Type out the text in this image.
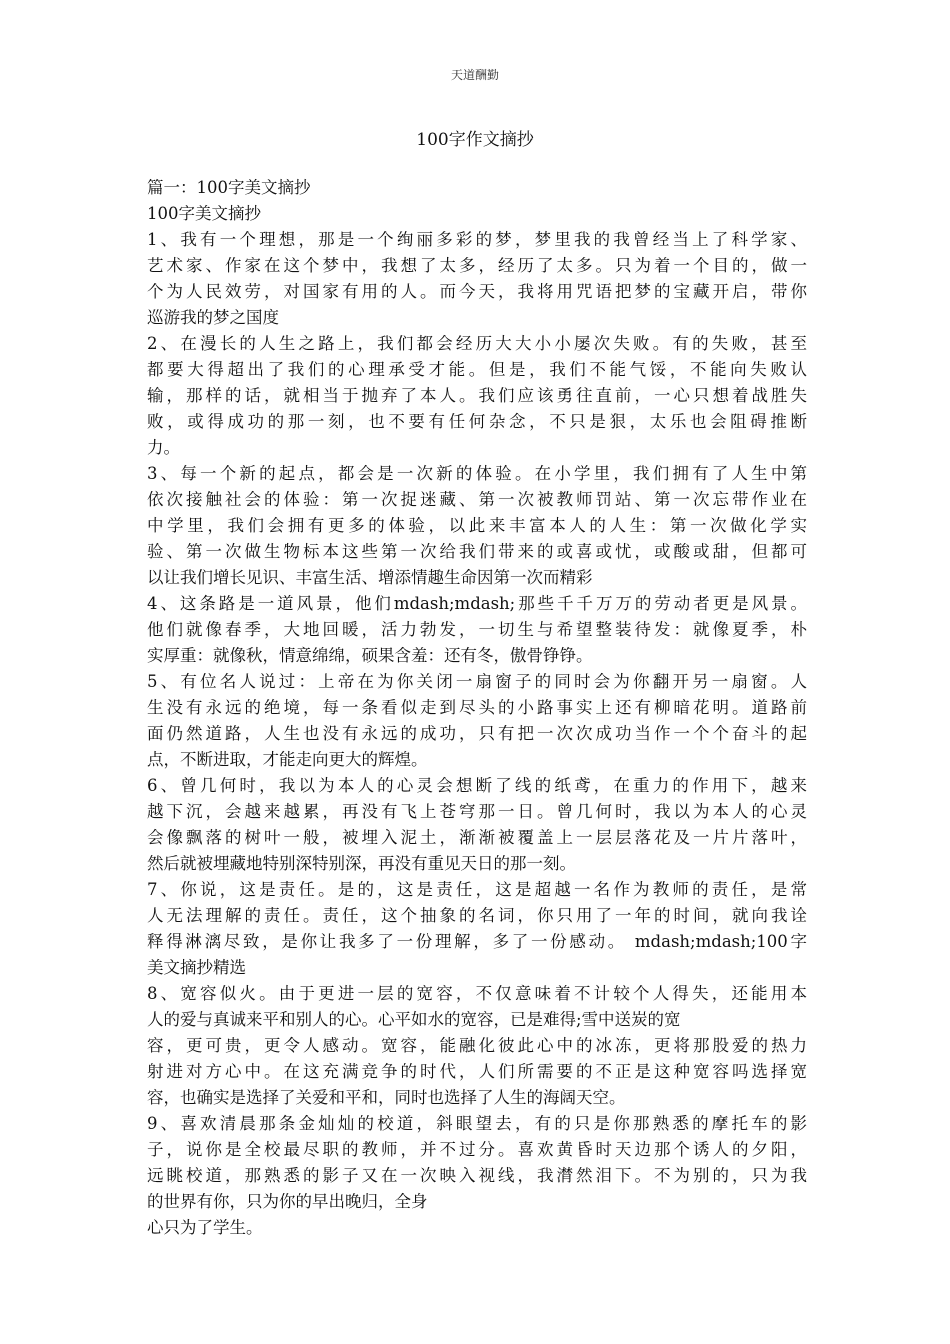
天道酬勤
100字作文摘抄
篇一：100字美文摘抄
100字美文摘抄
1、我有一个理想，那是一个绚丽多彩的梦，梦里我的我曾经当上了科学家、
艺术家、作家在这个梦中，我想了太多，经历了太多。只为着一个目的，做一
个为人民效劳，对国家有用的人。而今天，我将用咒语把梦的宝藏开启，带你
巡游我的梦之国度
2、在漫长的人生之路上，我们都会经历大大小小屡次失败。有的失败，甚至
都要大得超出了我们的心理承受才能。但是，我们不能气馁，不能向失败认
输，那样的话，就相当于抛弃了本人。我们应该勇往直前，一心只想着战胜失
败，或得成功的那一刻，也不要有任何杂念，不只是狠，太乐也会阻碍推断
力。
3、每一个新的起点，都会是一次新的体验。在小学里，我们拥有了人生中第
依次接触社会的体验：第一次捉迷藏、第一次被教师罚站、第一次忘带作业在
中学里，我们会拥有更多的体验，以此来丰富本人的人生：第一次做化学实
验、第一次做生物标本这些第一次给我们带来的或喜或忧，或酸或甜，但都可
以让我们增长见识、丰富生活、增添情趣生命因第一次而精彩
4、这条路是一道风景，他们mdash;mdash;那些千千万万的劳动者更是风景。
他们就像春季，大地回暖，活力勃发，一切生与希望整装待发：就像夏季，朴
实厚重：就像秋，情意绵绵，硕果含羞：还有冬，傲骨铮铮。
5、有位名人说过：上帝在为你关闭一扇窗子的同时会为你翻开另一扇窗。人
生没有永远的绝境，每一条看似走到尽头的小路事实上还有柳暗花明。道路前
面仍然道路，人生也没有永远的成功，只有把一次次成功当作一个个奋斗的起
点，不断进取，才能走向更大的辉煌。
6、曾几何时，我以为本人的心灵会想断了线的纸鸢，在重力的作用下，越来
越下沉，会越来越累，再没有飞上苍穹那一日。曾几何时，我以为本人的心灵
会像飘落的树叶一般，被埋入泥土，渐渐被覆盖上一层层落花及一片片落叶，
然后就被埋藏地特别深特别深，再没有重见天日的那一刻。
7、你说，这是责任。是的，这是责任，这是超越一名作为教师的责任，是常
人无法理解的责任。责任，这个抽象的名词，你只用了一年的时间，就向我诠
释得淋漓尽致，是你让我多了一份理解，多了一份感动。 mdash;mdash;100字
美文摘抄精选
8、宽容似火。由于更进一层的宽容，不仅意味着不计较个人得失，还能用本
人的爱与真诚来平和别人的心。心平如水的宽容，已是难得;雪中送炭的宽
容，更可贵，更令人感动。宽容，能融化彼此心中的冰冻，更将那股爱的热力
射进对方心中。在这充满竞争的时代，人们所需要的不正是这种宽容吗选择宽
容，也确实是选择了关爱和平和，同时也选择了人生的海阔天空。
9、喜欢清晨那条金灿灿的校道，斜眼望去，有的只是你那熟悉的摩托车的影
子，说你是全校最尽职的教师，并不过分。喜欢黄昏时天边那个诱人的夕阳，
远眺校道，那熟悉的影子又在一次映入视线，我潸然泪下。不为别的，只为我
的世界有你，只为你的早出晚归，全身
心只为了学生。
